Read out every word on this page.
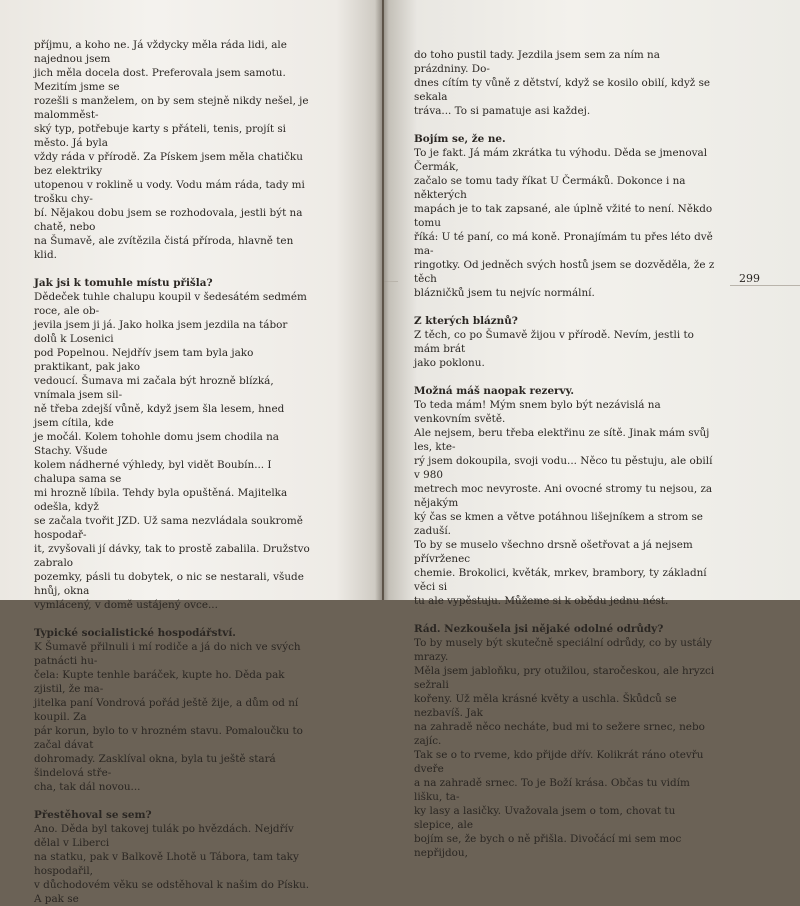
příjmu, a koho ne. Já vždycky měla ráda lidi, ale najednou jsem

jich měla docela dost. Preferovala jsem samotu. Mezitím jsme se

rozešli s manželem, on by sem stejně nikdy nešel, je malomměst-

ský typ, potřebuje karty s přáteli, tenis, projít si město. Já byla

vždy ráda v přírodě. Za Pískem jsem měla chatičku bez elektriky

utopenou v roklině u vody. Vodu mám ráda, tady mi trošku chy-

bí. Nějakou dobu jsem se rozhodovala, jestli být na chatě, nebo

na Šumavě, ale zvítězila čistá příroda, hlavně ten klid.

Jak jsi k tomuhle místu přišla?

Dědeček tuhle chalupu koupil v šedesátém sedmém roce, ale ob-

jevila jsem ji já. Jako holka jsem jezdila na tábor dolů k Losenici

pod Popelnou. Nejdřív jsem tam byla jako praktikant, pak jako

vedoucí. Šumava mi začala být hrozně blízká, vnímala jsem sil-

ně třeba zdejší vůně, když jsem šla lesem, hned jsem cítila, kde

je močál. Kolem tohohle domu jsem chodila na Stachy. Všude

kolem nádherné výhledy, byl vidět Boubín... I chalupa sama se

mi hrozně líbila. Tehdy byla opuštěná. Majitelka odešla, když

se začala tvořit JZD. Už sama nezvládala soukromě hospodař-

it, zvyšovali jí dávky, tak to prostě zabalila. Družstvo zabralo

pozemky, pásli tu dobytek, o nic se nestarali, všude hnůj, okna

vymlácený, v domě ustájený ovce...

Typické socialistické hospodářství.

K Šumavě přilnuli i mí rodiče a já do nich ve svých patnácti hu-

čela: Kupte tenhle baráček, kupte ho. Děda pak zjistil, že ma-

jitelka paní Vondrová pořád ještě žije, a dům od ní koupil. Za

pár korun, bylo to v hrozném stavu. Pomaloučku to začal dávat

dohromady. Zasklíval okna, byla tu ještě stará šindelová stře-

cha, tak dál novou...

Přestěhoval se sem?

Ano. Děda byl takovej tulák po hvězdách. Nejdřív dělal v Liberci

na statku, pak v Balkově Lhotě u Tábora, tam taky hospodařil,

v důchodovém věku se odstěhoval k našim do Písku. A pak se

do toho pustil tady. Jezdila jsem sem za ním na prázdniny. Do-

dnes cítím ty vůně z dětství, když se kosilo obilí, když se sekala

tráva... To si pamatuje asi každej.

Bojím se, že ne.

To je fakt. Já mám zkrátka tu výhodu. Děda se jmenoval Čermák,

začalo se tomu tady říkat U Čermáků. Dokonce i na některých

mapách je to tak zapsané, ale úplně vžité to není. Někdo tomu

říká: U té paní, co má koně. Pronajímám tu přes léto dvě ma-

ringotky. Od jedněch svých hostů jsem se dozvěděla, že z těch

blázničků jsem tu nejvíc normální.

Z kterých bláznů?

Z těch, co po Šumavě žijou v přírodě. Nevím, jestli to mám brát

jako poklonu.

Možná máš naopak rezervy.

To teda mám! Mým snem bylo být nezávislá na venkovním světě.

Ale nejsem, beru třeba elektřinu ze sítě. Jinak mám svůj les, kte-

rý jsem dokoupila, svoji vodu... Něco tu pěstuju, ale obilí v 980

metrech moc nevyroste. Ani ovocné stromy tu nejsou, za nějakým

ký čas se kmen a větve potáhnou lišejníkem a strom se zaduší.

To by se muselo všechno drsně ošetřovat a já nejsem přívrženec

chemie. Brokolici, květák, mrkev, brambory, ty základní věci si

tu ale vypěstuju. Můžeme si k obědu jednu nést.

Rád. Nezkoušela jsi nějaké odolné odrůdy?

To by musely být skutečně speciální odrůdy, co by ustály mrazy.

Měla jsem jabloňku, pry otužilou, staročeskou, ale hryzci sežrali

kořeny. Už měla krásné květy a uschla. Škůdců se nezbavíš. Jak

na zahradě něco necháte, bud mi to sežere srnec, nebo zajíc.

Tak se o to rveme, kdo přijde dřív. Kolikrát ráno otevřu dveře

a na zahradě srnec. To je Boží krása. Občas tu vidím lišku, ta-

ky lasy a lasičky. Uvažovala jsem o tom, chovat tu slepice, ale

bojím se, že bych o ně přišla. Divočácí mi sem moc nepřijdou,

299
